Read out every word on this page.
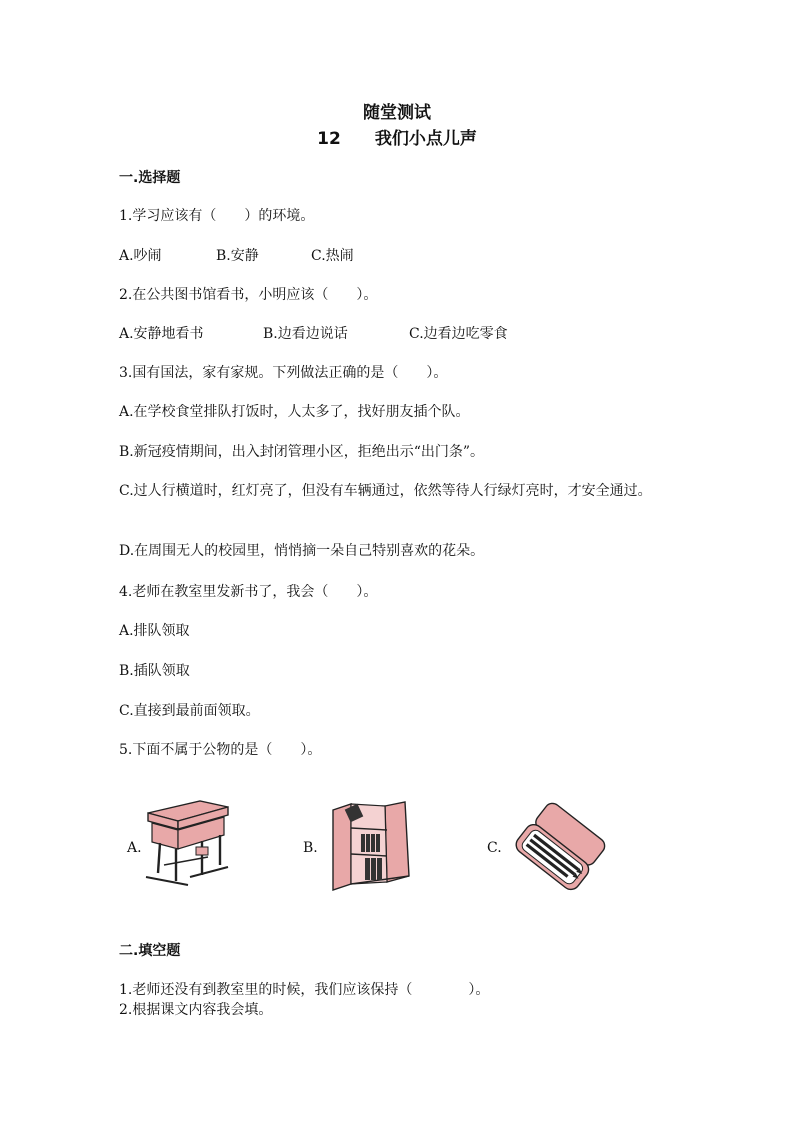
随堂测试
12 我们小点儿声
一.选择题
1.学习应该有（　　）的环境。
A.吵闹	B.安静	C.热闹
2.在公共图书馆看书，小明应该（　　）。
A.安静地看书	B.边看边说话	C.边看边吃零食
3.国有国法，家有家规。下列做法正确的是（　　）。
A.在学校食堂排队打饭时，人太多了，找好朋友插个队。
B.新冠疫情期间，出入封闭管理小区，拒绝出示“出门条”。
C.过人行横道时，红灯亮了，但没有车辆通过，依然等待人行绿灯亮时，才安全通过。
D.在周围无人的校园里，悄悄摘一朵自己特别喜欢的花朵。
4.老师在教室里发新书了，我会（　　）。
A.排队领取
B.插队领取
C.直接到最前面领取。
5.下面不属于公物的是（　　）。
A.	B.	C.
二.填空题
1.老师还没有到教室里的时候，我们应该保持（　　　　）。
2.根据课文内容我会填。
